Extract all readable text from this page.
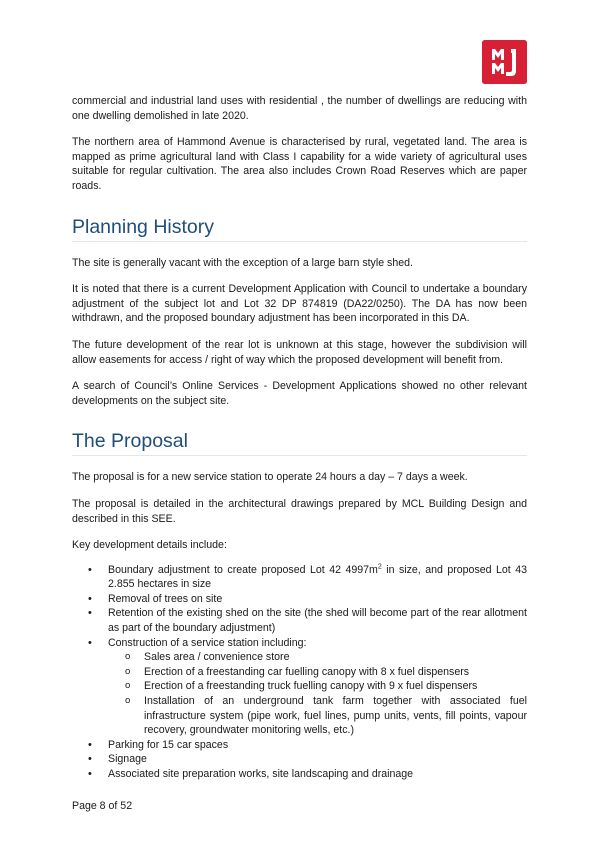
commercial and industrial land uses with residential , the number of dwellings are reducing with one dwelling demolished in late 2020.

The northern area of Hammond Avenue is characterised by rural, vegetated land. The area is mapped as prime agricultural land with Class I capability for a wide variety of agricultural uses suitable for regular cultivation. The area also includes Crown Road Reserves which are paper roads.

Planning History

The site is generally vacant with the exception of a large barn style shed.

It is noted that there is a current Development Application with Council to undertake a boundary adjustment of the subject lot and Lot 32 DP 874819 (DA22/0250). The DA has now been withdrawn, and the proposed boundary adjustment has been incorporated in this DA.

The future development of the rear lot is unknown at this stage, however the subdivision will allow easements for access / right of way which the proposed development will benefit from.

A search of Council’s Online Services - Development Applications showed no other relevant developments on the subject site.

The Proposal

The proposal is for a new service station to operate 24 hours a day – 7 days a week.

The proposal is detailed in the architectural drawings prepared by MCL Building Design and described in this SEE.

Key development details include:

• Boundary adjustment to create proposed Lot 42 $4997m^2$ in size, and proposed Lot 43 2.855 hectares in size
• Removal of trees on site
• Retention of the existing shed on the site (the shed will become part of the rear allotment as part of the boundary adjustment)
• Construction of a service station including:
o Sales area / convenience store
o Erection of a freestanding car fuelling canopy with 8 x fuel dispensers
o Erection of a freestanding truck fuelling canopy with 9 x fuel dispensers
o Installation of an underground tank farm together with associated fuel infrastructure system (pipe work, fuel lines, pump units, vents, fill points, vapour recovery, groundwater monitoring wells, etc.)
• Parking for 15 car spaces
• Signage
• Associated site preparation works, site landscaping and drainage
Page 8 of 52
